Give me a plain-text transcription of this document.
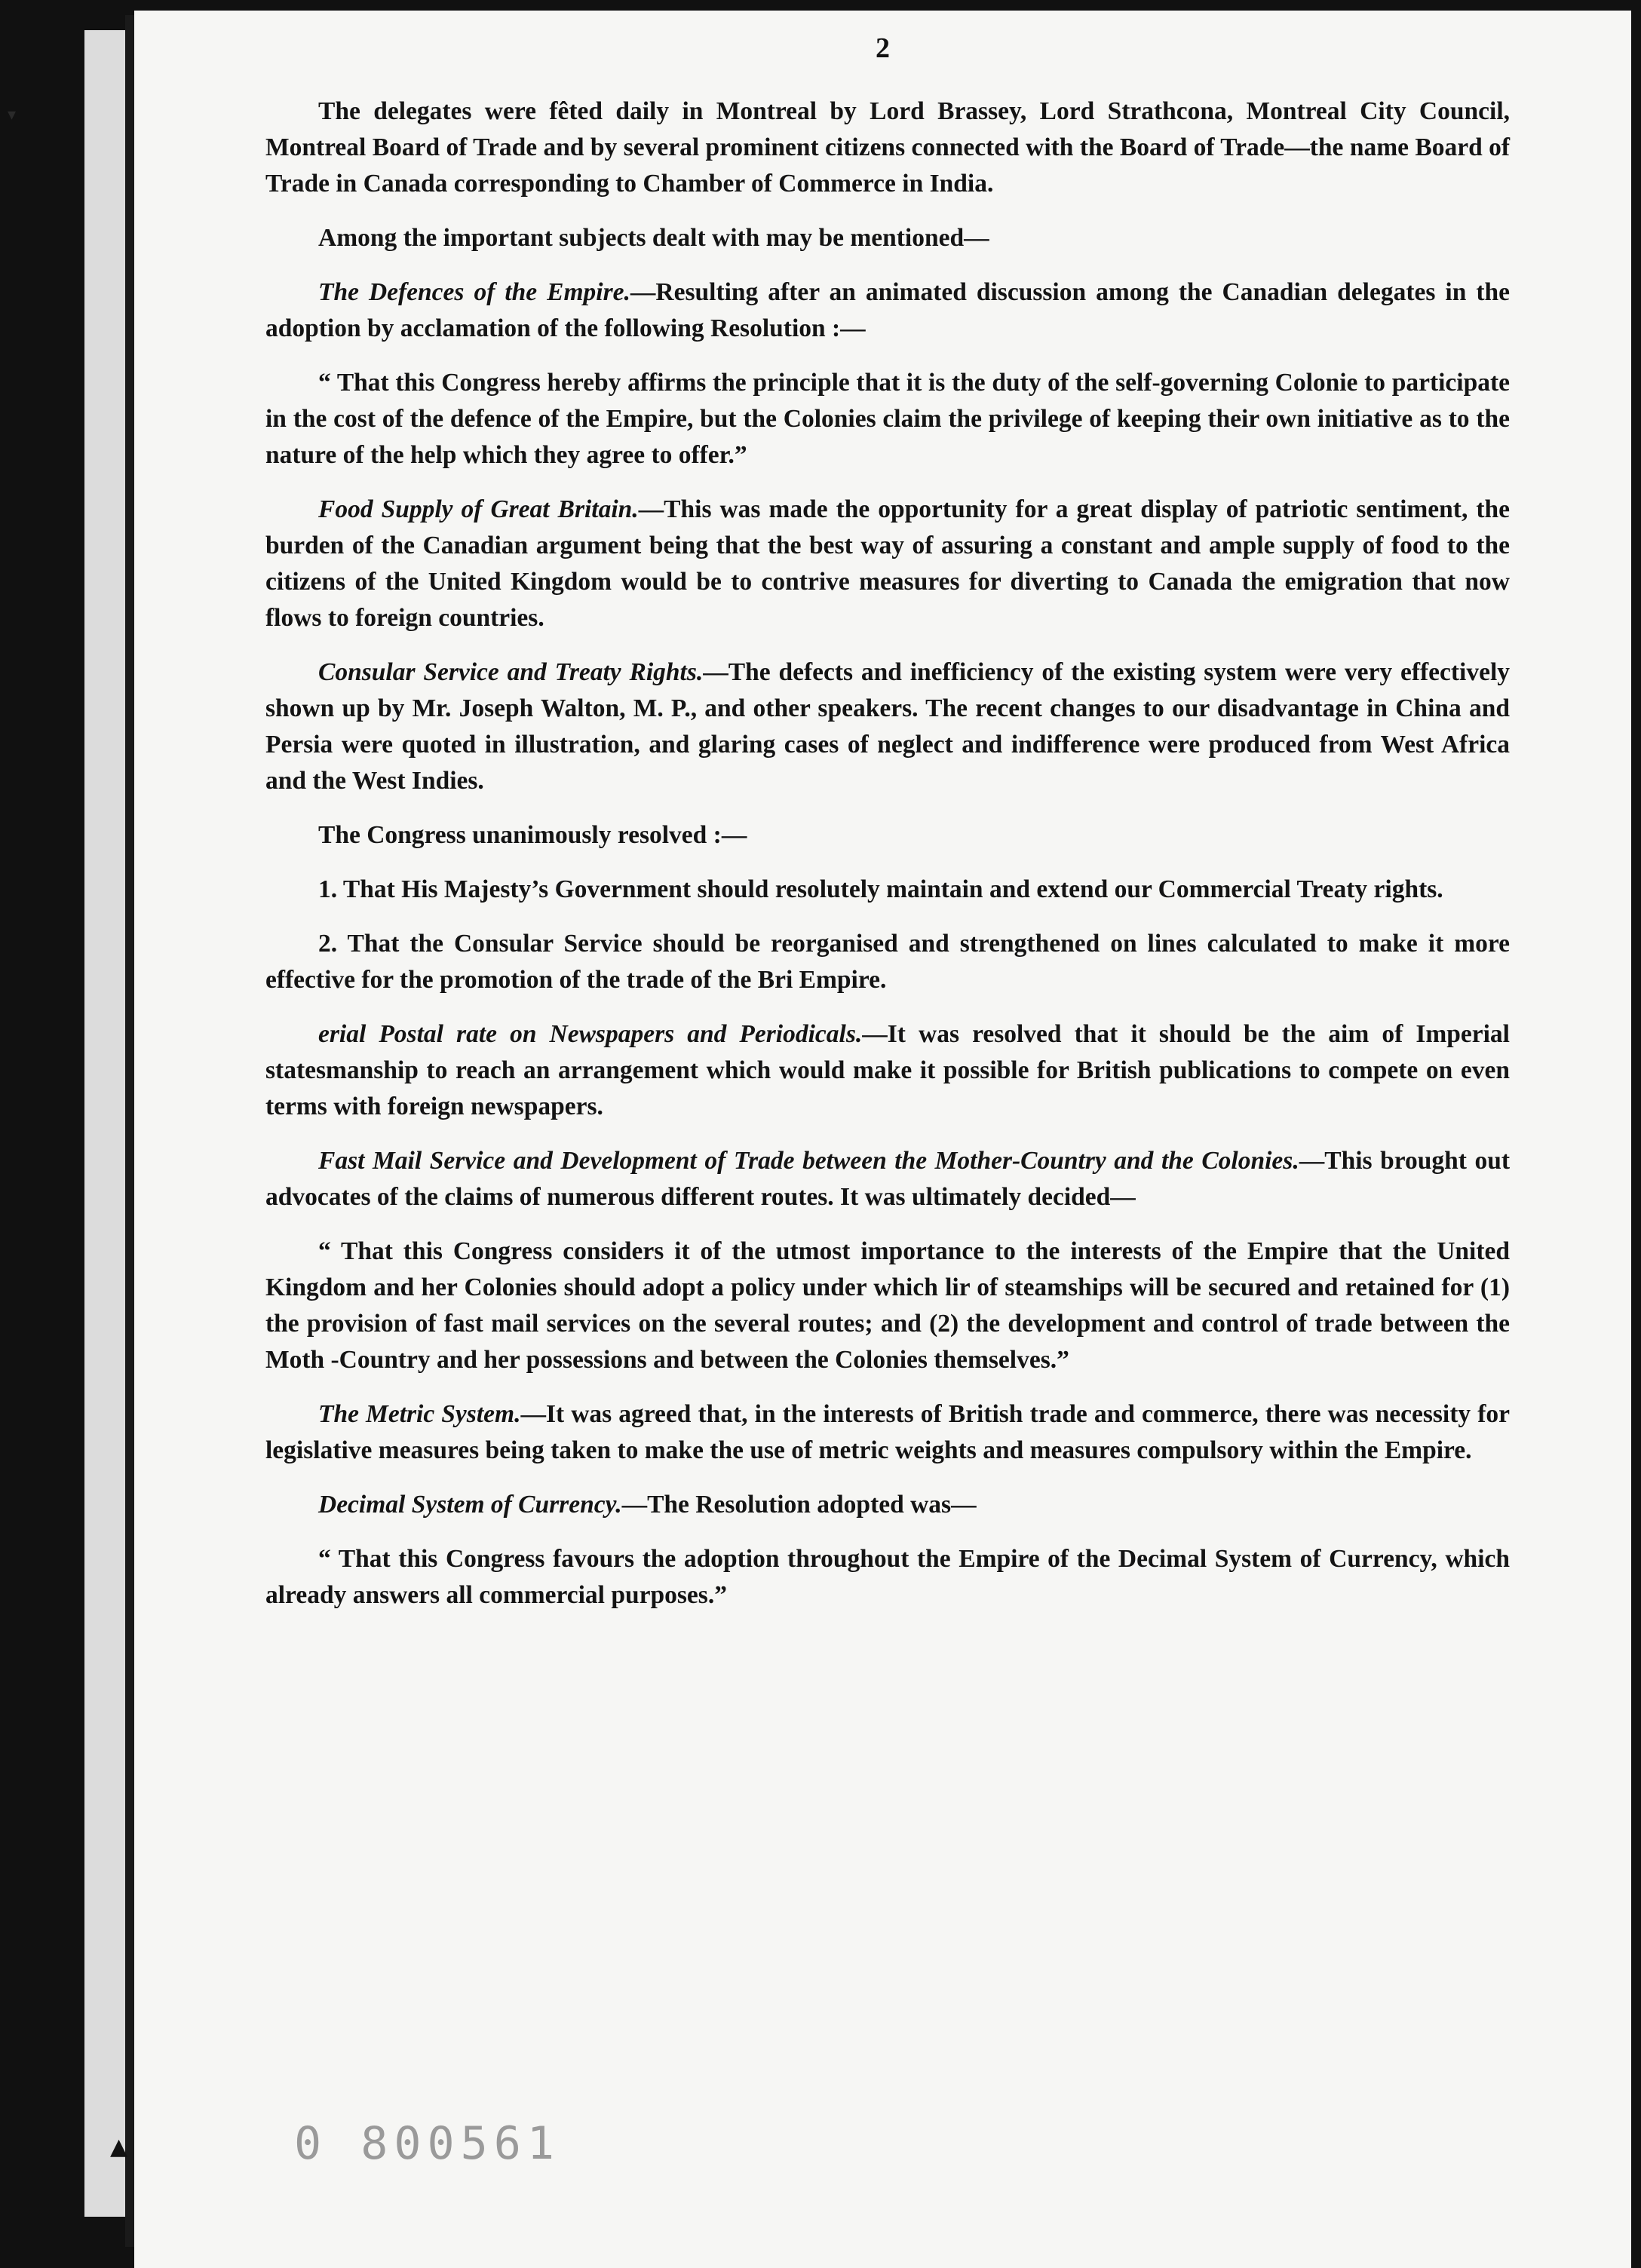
▾
▲
2

The delegates were fêted daily in Montreal by Lord Brassey, Lord Strathcona, Montreal City Council, Montreal Board of Trade and by several prominent citizens connected with the Board of Trade—the name Board of Trade in Canada corresponding to Chamber of Commerce in India.

Among the important subjects dealt with may be mentioned—

The Defences of the Empire.—Resulting after an animated discussion among the Canadian delegates in the adoption by acclamation of the following Resolution :—

“ That this Congress hereby affirms the principle that it is the duty of the self-governing Colonie to participate in the cost of the defence of the Empire, but the Colonies claim the privilege of keeping their own initiative as to the nature of the help which they agree to offer.”

Food Supply of Great Britain.—This was made the opportunity for a great display of patriotic sentiment, the burden of the Canadian argument being that the best way of assuring a constant and ample supply of food to the citizens of the United Kingdom would be to contrive measures for diverting to Canada the emigration that now flows to foreign countries.

Consular Service and Treaty Rights.—The defects and inefficiency of the existing system were very effectively shown up by Mr. Joseph Walton, M. P., and other speakers. The recent changes to our disadvantage in China and Persia were quoted in illustration, and glaring cases of neglect and indifference were produced from West Africa and the West Indies.

The Congress unanimously resolved :—

1. That His Majesty’s Government should resolutely maintain and extend our Commercial Treaty rights.

2. That the Consular Service should be reorganised and strengthened on lines calculated to make it more effective for the promotion of the trade of the Bri Empire.

erial Postal rate on Newspapers and Periodicals.—It was resolved that it should be the aim of Imperial statesmanship to reach an arrangement which would make it possible for British publications to compete on even terms with foreign newspapers.

Fast Mail Service and Development of Trade between the Mother-Country and the Colonies.—This brought out advocates of the claims of numerous different routes. It was ultimately decided—

“ That this Congress considers it of the utmost importance to the interests of the Empire that the United Kingdom and her Colonies should adopt a policy under which lir of steamships will be secured and retained for (1) the provision of fast mail services on the several routes; and (2) the development and control of trade between the Moth -Country and her possessions and between the Colonies themselves.”

The Metric System.—It was agreed that, in the interests of British trade and commerce, there was necessity for legislative measures being taken to make the use of metric weights and measures compulsory within the Empire.

Decimal System of Currency.—The Resolution adopted was—

“ That this Congress favours the adoption throughout the Empire of the Decimal System of Currency, which already answers all commercial purposes.”

0 800561
